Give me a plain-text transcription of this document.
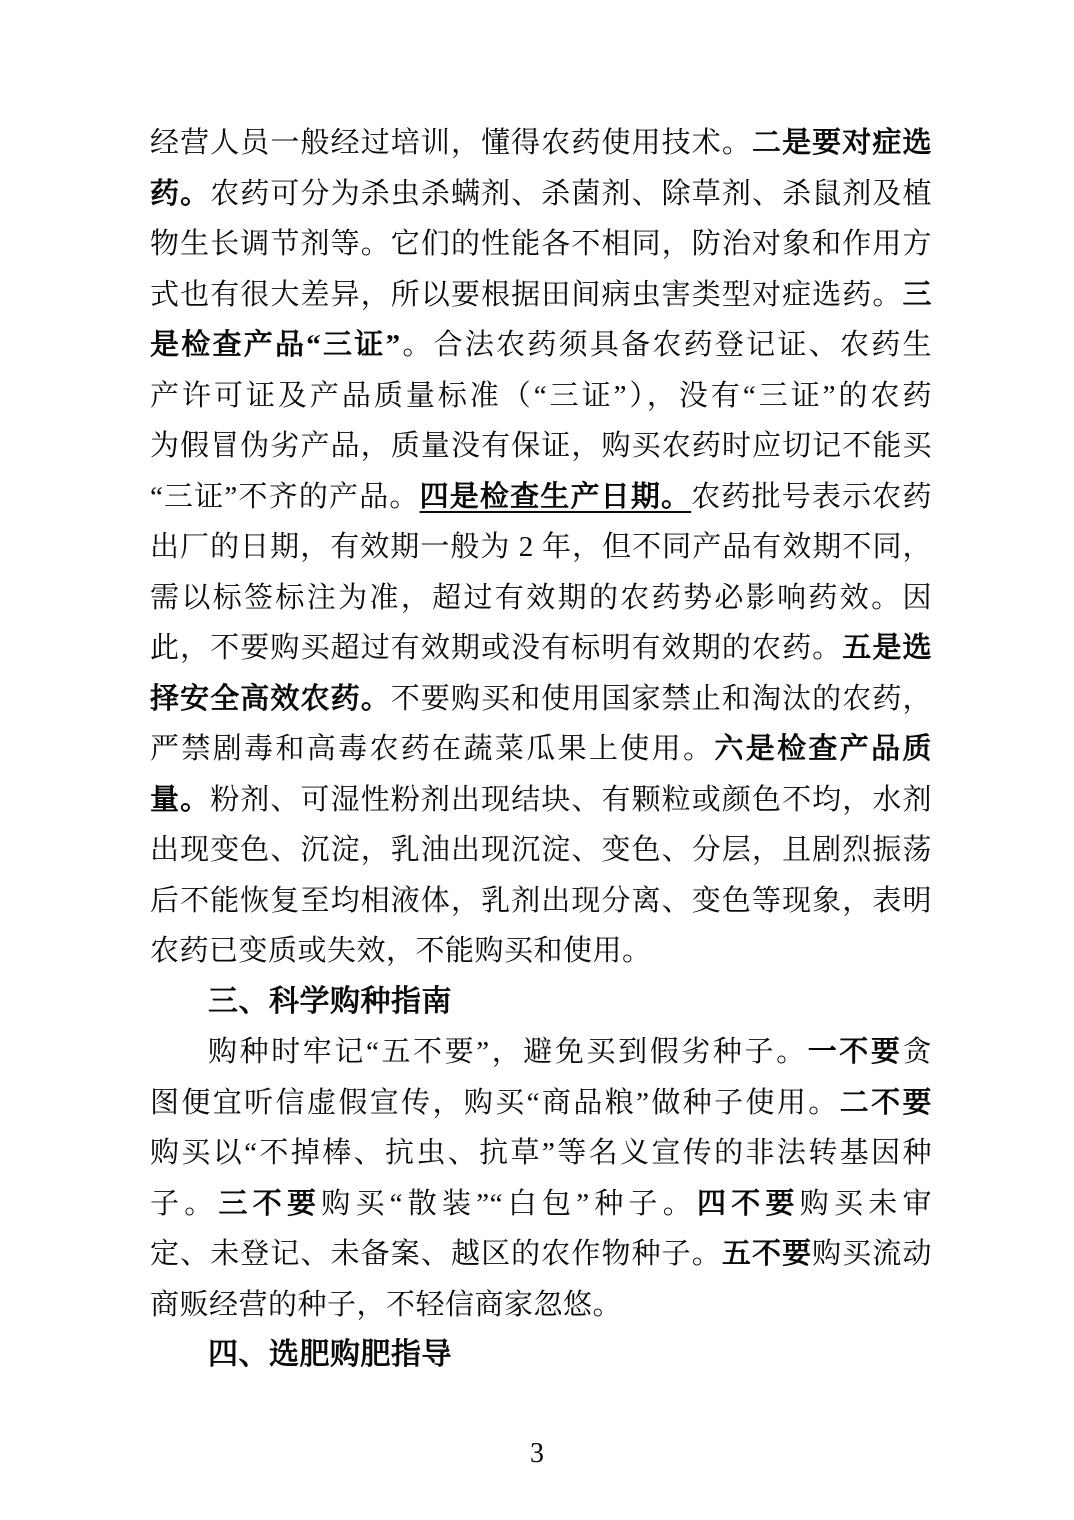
经营人员一般经过培训，懂得农药使用技术。二是要对症选
药。农药可分为杀虫杀螨剂、杀菌剂、除草剂、杀鼠剂及植
物生长调节剂等。它们的性能各不相同，防治对象和作用方
式也有很大差异，所以要根据田间病虫害类型对症选药。三
是检查产品“三证”。合法农药须具备农药登记证、农药生
产许可证及产品质量标准（“三证”），没有“三证”的农药
为假冒伪劣产品，质量没有保证，购买农药时应切记不能买
“三证”不齐的产品。四是检查生产日期。农药批号表示农药
出厂的日期，有效期一般为 2 年，但不同产品有效期不同，
需以标签标注为准，超过有效期的农药势必影响药效。因
此，不要购买超过有效期或没有标明有效期的农药。五是选
择安全高效农药。不要购买和使用国家禁止和淘汰的农药，
严禁剧毒和高毒农药在蔬菜瓜果上使用。六是检查产品质
量。粉剂、可湿性粉剂出现结块、有颗粒或颜色不均，水剂
出现变色、沉淀，乳油出现沉淀、变色、分层，且剧烈振荡
后不能恢复至均相液体，乳剂出现分离、变色等现象，表明
农药已变质或失效，不能购买和使用。
三、科学购种指南
购种时牢记“五不要”，避免买到假劣种子。一不要贪
图便宜听信虚假宣传，购买“商品粮”做种子使用。二不要
购买以“不掉棒、抗虫、抗草”等名义宣传的非法转基因种
子。三不要购买“散装”“白包”种子。四不要购买未审
定、未登记、未备案、越区的农作物种子。五不要购买流动
商贩经营的种子，不轻信商家忽悠。
四、选肥购肥指导
3
